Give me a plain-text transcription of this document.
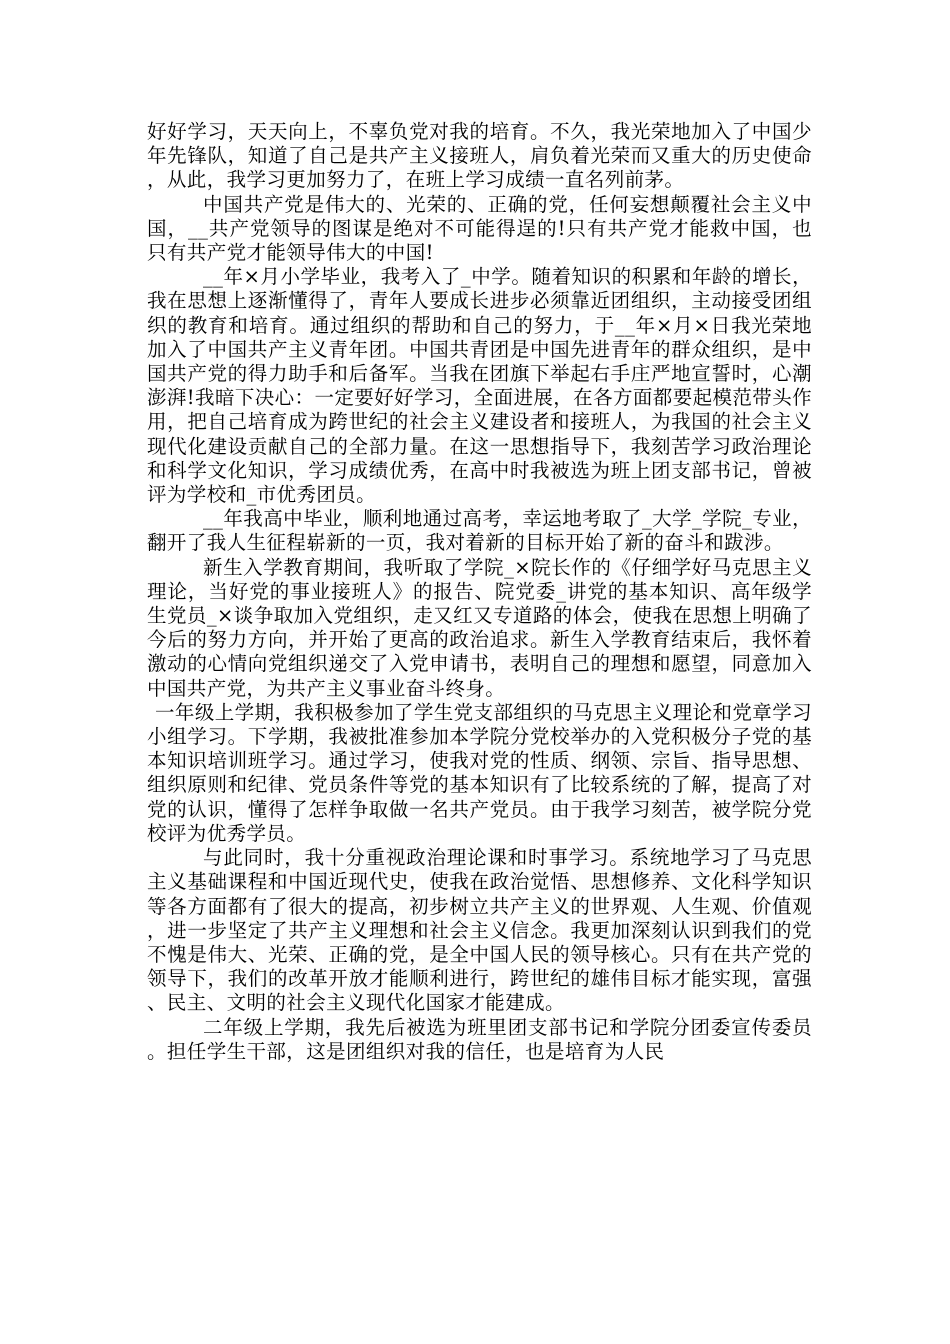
好好学习，天天向上，不辜负党对我的培育。不久，我光荣地加入了中国少年先锋队，知道了自己是共产主义接班人，肩负着光荣而又重大的历史使命，从此，我学习更加努力了，在班上学习成绩一直名列前茅。

中国共产党是伟大的、光荣的、正确的党，任何妄想颠覆社会主义中国，__共产党领导的图谋是绝对不可能得逞的!只有共产党才能救中国，也只有共产党才能领导伟大的中国!

__年×月小学毕业，我考入了_中学。随着知识的积累和年龄的增长，我在思想上逐渐懂得了，青年人要成长进步必须靠近团组织，主动接受团组织的教育和培育。通过组织的帮助和自己的努力，于__年×月×日我光荣地加入了中国共产主义青年团。中国共青团是中国先进青年的群众组织，是中国共产党的得力助手和后备军。当我在团旗下举起右手庄严地宣誓时，心潮澎湃!我暗下决心：一定要好好学习，全面进展，在各方面都要起模范带头作用，把自己培育成为跨世纪的社会主义建设者和接班人，为我国的社会主义现代化建设贡献自己的全部力量。在这一思想指导下，我刻苦学习政治理论和科学文化知识，学习成绩优秀，在高中时我被选为班上团支部书记，曾被评为学校和_市优秀团员。

__年我高中毕业，顺利地通过高考，幸运地考取了_大学_学院_专业，翻开了我人生征程崭新的一页，我对着新的目标开始了新的奋斗和跋涉。

新生入学教育期间，我听取了学院_×院长作的《仔细学好马克思主义理论，当好党的事业接班人》的报告、院党委_讲党的基本知识、高年级学生党员_×谈争取加入党组织，走又红又专道路的体会，使我在思想上明确了今后的努力方向，并开始了更高的政治追求。新生入学教育结束后，我怀着激动的心情向党组织递交了入党申请书，表明自己的理想和愿望，同意加入中国共产党，为共产主义事业奋斗终身。

一年级上学期，我积极参加了学生党支部组织的马克思主义理论和党章学习小组学习。下学期，我被批准参加本学院分党校举办的入党积极分子党的基本知识培训班学习。通过学习，使我对党的性质、纲领、宗旨、指导思想、组织原则和纪律、党员条件等党的基本知识有了比较系统的了解，提高了对党的认识，懂得了怎样争取做一名共产党员。由于我学习刻苦，被学院分党校评为优秀学员。

与此同时，我十分重视政治理论课和时事学习。系统地学习了马克思主义基础课程和中国近现代史，使我在政治觉悟、思想修养、文化科学知识等各方面都有了很大的提高，初步树立共产主义的世界观、人生观、价值观，进一步坚定了共产主义理想和社会主义信念。我更加深刻认识到我们的党不愧是伟大、光荣、正确的党，是全中国人民的领导核心。只有在共产党的领导下，我们的改革开放才能顺利进行，跨世纪的雄伟目标才能实现，富强、民主、文明的社会主义现代化国家才能建成。

二年级上学期，我先后被选为班里团支部书记和学院分团委宣传委员。担任学生干部，这是团组织对我的信任，也是培育为人民
